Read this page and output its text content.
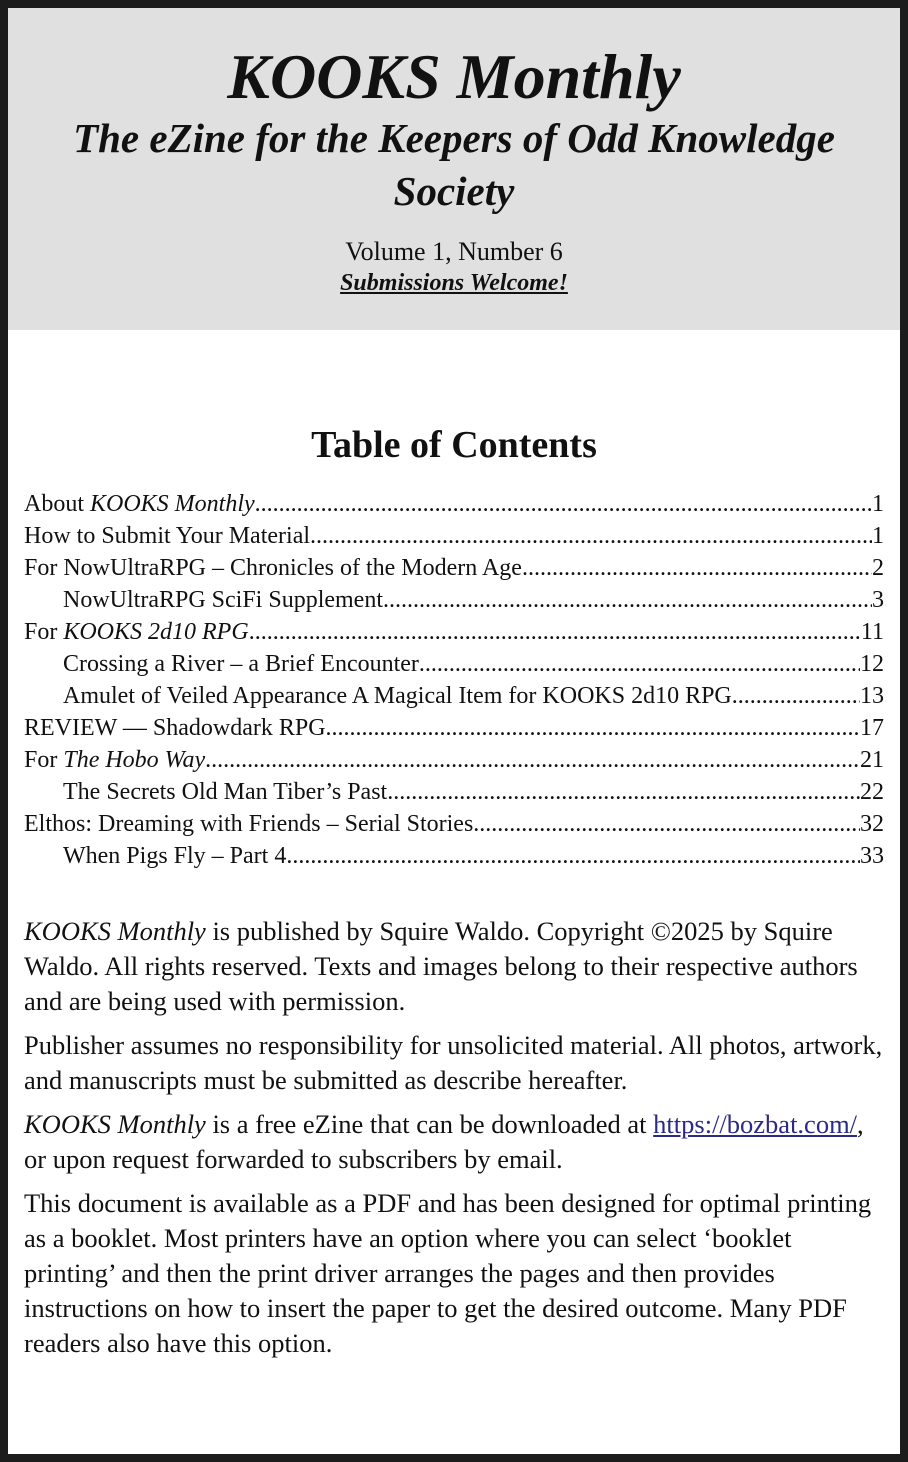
KOOKS Monthly
The eZine for the Keepers of Odd Knowledge Society
Volume 1, Number 6
Submissions Welcome!
Table of Contents
About KOOKS Monthly .....	1
How to Submit Your Material .....	1
For NowUltraRPG – Chronicles of the Modern Age .....	2
NowUltraRPG SciFi Supplement .....	3
For KOOKS 2d10 RPG .....	11
Crossing a River – a Brief Encounter .....	12
Amulet of Veiled Appearance A Magical Item for KOOKS 2d10 RPG. .....	13
REVIEW — Shadowdark RPG .....	17
For The Hobo Way .....	21
The Secrets Old Man Tiber’s Past .....	22
Elthos: Dreaming with Friends – Serial Stories .....	32
When Pigs Fly – Part 4 .....	33

KOOKS Monthly is published by Squire Waldo. Copyright ©2025 by Squire Waldo. All rights reserved. Texts and images belong to their respective authors and are being used with permission.

Publisher assumes no responsibility for unsolicited material. All photos, artwork, and manuscripts must be submitted as describe hereafter.

KOOKS Monthly is a free eZine that can be downloaded at https://bozbat.com/, or upon request forwarded to subscribers by email.

This document is available as a PDF and has been designed for optimal printing as a booklet. Most printers have an option where you can select ‘booklet printing’ and then the print driver arranges the pages and then provides instructions on how to insert the paper to get the desired outcome. Many PDF readers also have this option.
